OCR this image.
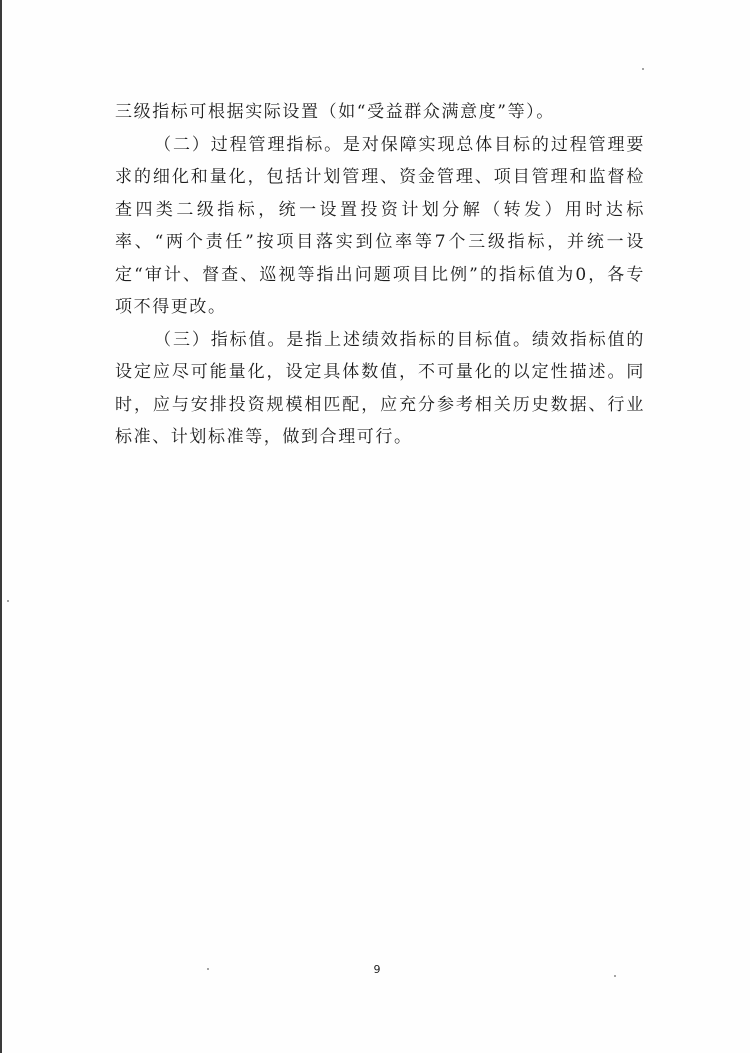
三级指标可根据实际设置（如“受益群众满意度”等）。

（二）过程管理指标。是对保障实现总体目标的过程管理要求的细化和量化，包括计划管理、资金管理、项目管理和监督检查四类二级指标，统一设置投资计划分解（转发）用时达标率、“两个责任”按项目落实到位率等7个三级指标，并统一设定“审计、督查、巡视等指出问题项目比例”的指标值为0，各专项不得更改。

（三）指标值。是指上述绩效指标的目标值。绩效指标值的设定应尽可能量化，设定具体数值，不可量化的以定性描述。同时，应与安排投资规模相匹配，应充分参考相关历史数据、行业标准、计划标准等，做到合理可行。

9
